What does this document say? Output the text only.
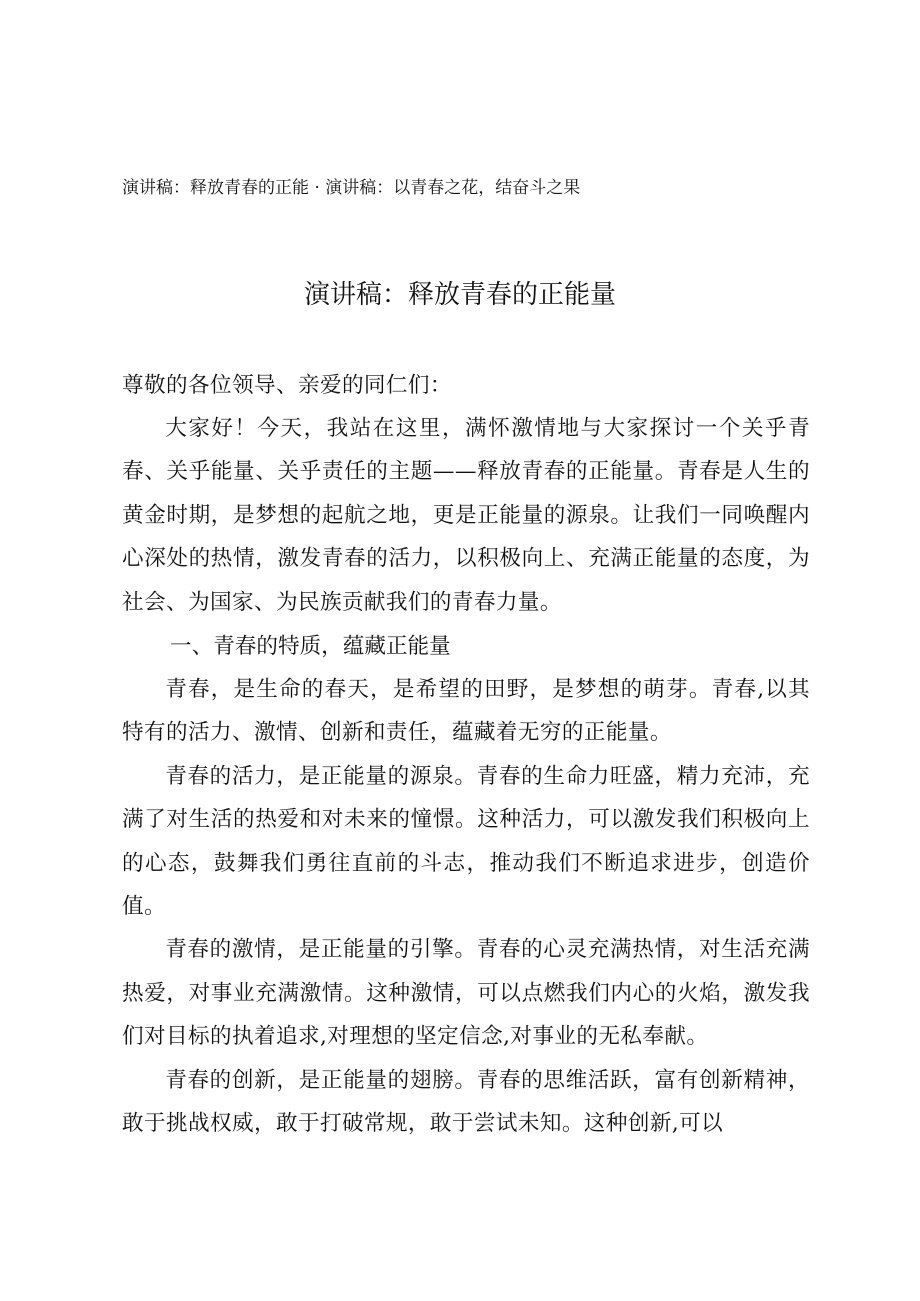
演讲稿：释放青春的正能 · 演讲稿：以青春之花，结奋斗之果
演讲稿：释放青春的正能量
尊敬的各位领导、亲爱的同仁们：

大家好！今天，我站在这里，满怀激情地与大家探讨一个关乎青春、关乎能量、关乎责任的主题——释放青春的正能量。青春是人生的黄金时期，是梦想的起航之地，更是正能量的源泉。让我们一同唤醒内心深处的热情，激发青春的活力，以积极向上、充满正能量的态度，为社会、为国家、为民族贡献我们的青春力量。

一、青春的特质，蕴藏正能量

青春，是生命的春天，是希望的田野，是梦想的萌芽。青春,以其特有的活力、激情、创新和责任，蕴藏着无穷的正能量。

青春的活力，是正能量的源泉。青春的生命力旺盛，精力充沛，充满了对生活的热爱和对未来的憧憬。这种活力，可以激发我们积极向上的心态，鼓舞我们勇往直前的斗志，推动我们不断追求进步，创造价值。

青春的激情，是正能量的引擎。青春的心灵充满热情，对生活充满热爱，对事业充满激情。这种激情，可以点燃我们内心的火焰，激发我们对目标的执着追求,对理想的坚定信念,对事业的无私奉献。

青春的创新，是正能量的翅膀。青春的思维活跃，富有创新精神，敢于挑战权威，敢于打破常规，敢于尝试未知。这种创新,可以
